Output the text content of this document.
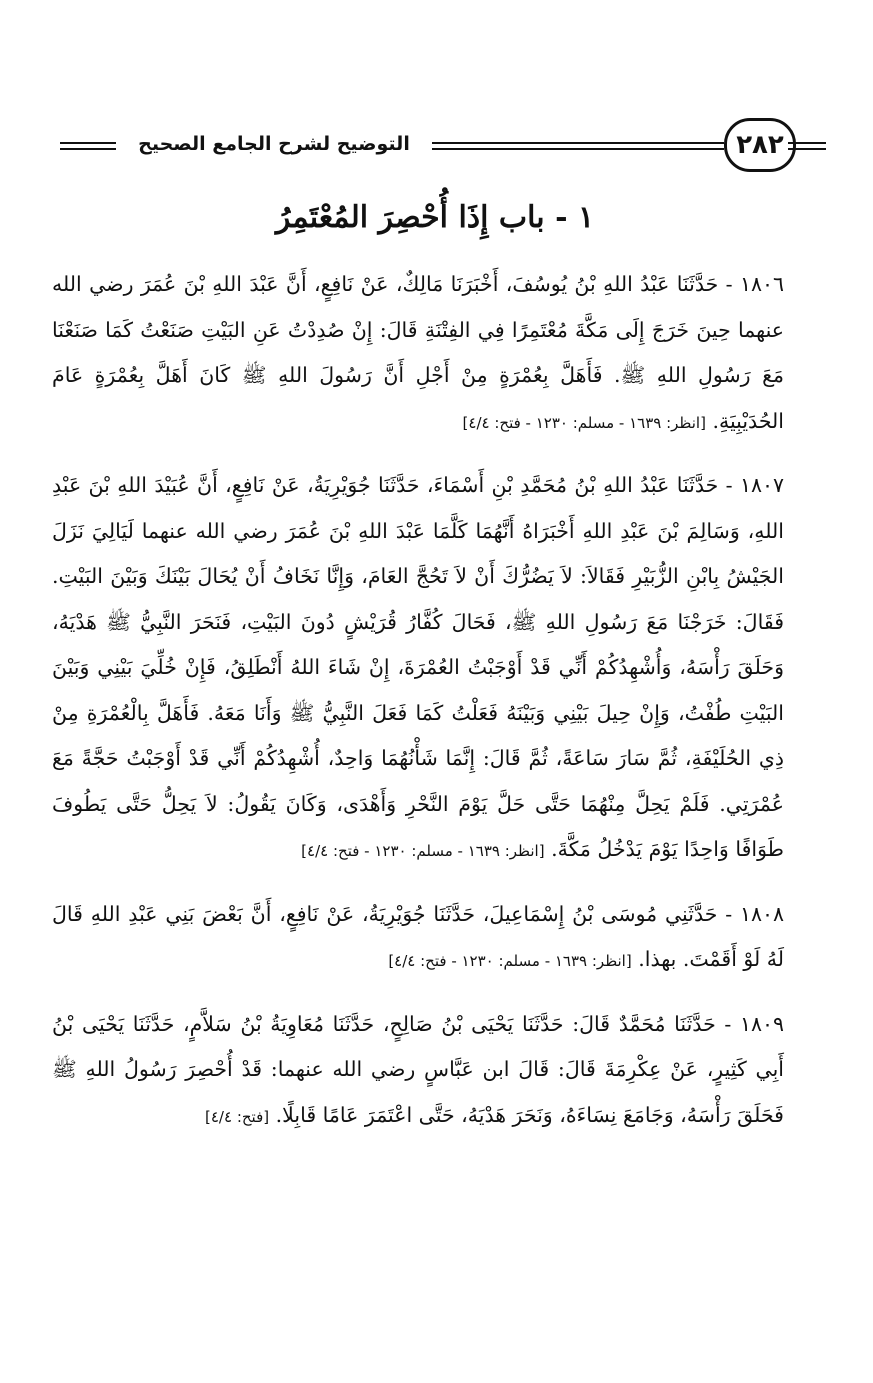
التوضيح لشرح الجامع الصحيح	٢٨٢
١ - باب إِذَا أُحْصِرَ المُعْتَمِرُ

١٨٠٦ - حَدَّثَنَا عَبْدُ اللهِ بْنُ يُوسُفَ، أَخْبَرَنَا مَالِكٌ، عَنْ نَافِعٍ، أَنَّ عَبْدَ اللهِ بْنَ عُمَرَ رضي الله عنهما حِينَ خَرَجَ إِلَى مَكَّةَ مُعْتَمِرًا فِي الفِتْنَةِ قَالَ: إِنْ صُدِدْتُ عَنِ البَيْتِ صَنَعْتُ كَمَا صَنَعْنَا مَعَ رَسُولِ اللهِ ﷺ. فَأَهَلَّ بِعُمْرَةٍ مِنْ أَجْلِ أَنَّ رَسُولَ اللهِ ﷺ كَانَ أَهَلَّ بِعُمْرَةٍ عَامَ الحُدَيْبِيَةِ. [انظر: ١٦٣٩ - مسلم: ١٢٣٠ - فتح: ٤/٤]

١٨٠٧ - حَدَّثَنَا عَبْدُ اللهِ بْنُ مُحَمَّدِ بْنِ أَسْمَاءَ، حَدَّثَنَا جُوَيْرِيَةُ، عَنْ نَافِعٍ، أَنَّ عُبَيْدَ اللهِ بْنَ عَبْدِ اللهِ، وَسَالِمَ بْنَ عَبْدِ اللهِ أَخْبَرَاهُ أَنَّهُمَا كَلَّمَا عَبْدَ اللهِ بْنَ عُمَرَ رضي الله عنهما لَيَالِيَ نَزَلَ الجَيْشُ بِابْنِ الزُّبَيْرِ فَقَالاَ: لاَ يَضُرُّكَ أَنْ لاَ تَحُجَّ العَامَ، وَإِنَّا نَخَافُ أَنْ يُحَالَ بَيْنَكَ وَبَيْنَ البَيْتِ. فَقَالَ: خَرَجْنَا مَعَ رَسُولِ اللهِ ﷺ، فَحَالَ كُفَّارُ قُرَيْشٍ دُونَ البَيْتِ، فَنَحَرَ النَّبِيُّ ﷺ هَدْيَهُ، وَحَلَقَ رَأْسَهُ، وَأُشْهِدُكُمْ أَنِّي قَدْ أَوْجَبْتُ العُمْرَةَ، إِنْ شَاءَ اللهُ أَنْطَلِقُ، فَإِنْ خُلِّيَ بَيْنِي وَبَيْنَ البَيْتِ طُفْتُ، وَإِنْ حِيلَ بَيْنِي وَبَيْنَهُ فَعَلْتُ كَمَا فَعَلَ النَّبِيُّ ﷺ وَأَنَا مَعَهُ. فَأَهَلَّ بِالْعُمْرَةِ مِنْ ذِي الحُلَيْفَةِ، ثُمَّ سَارَ سَاعَةً، ثُمَّ قَالَ: إِنَّمَا شَأْنُهُمَا وَاحِدٌ، أُشْهِدُكُمْ أَنِّي قَدْ أَوْجَبْتُ حَجَّةً مَعَ عُمْرَتِي. فَلَمْ يَحِلَّ مِنْهُمَا حَتَّى حَلَّ يَوْمَ النَّحْرِ وَأَهْدَى، وَكَانَ يَقُولُ: لاَ يَحِلُّ حَتَّى يَطُوفَ طَوَافًا وَاحِدًا يَوْمَ يَدْخُلُ مَكَّةَ. [انظر: ١٦٣٩ - مسلم: ١٢٣٠ - فتح: ٤/٤]

١٨٠٨ - حَدَّثَنِي مُوسَى بْنُ إِسْمَاعِيلَ، حَدَّثَنَا جُوَيْرِيَةُ، عَنْ نَافِعٍ، أَنَّ بَعْضَ بَنِي عَبْدِ اللهِ قَالَ لَهُ لَوْ أَقَمْتَ. بهذا. [انظر: ١٦٣٩ - مسلم: ١٢٣٠ - فتح: ٤/٤]

١٨٠٩ - حَدَّثَنَا مُحَمَّدٌ قَالَ: حَدَّثَنَا يَحْيَى بْنُ صَالِحٍ، حَدَّثَنَا مُعَاوِيَةُ بْنُ سَلاَّمٍ، حَدَّثَنَا يَحْيَى بْنُ أَبِي كَثِيرٍ، عَنْ عِكْرِمَةَ قَالَ: قَالَ ابن عَبَّاسٍ رضي الله عنهما: قَدْ أُحْصِرَ رَسُولُ اللهِ ﷺ فَحَلَقَ رَأْسَهُ، وَجَامَعَ نِسَاءَهُ، وَنَحَرَ هَدْيَهُ، حَتَّى اعْتَمَرَ عَامًا قَابِلًا. [فتح: ٤/٤]
